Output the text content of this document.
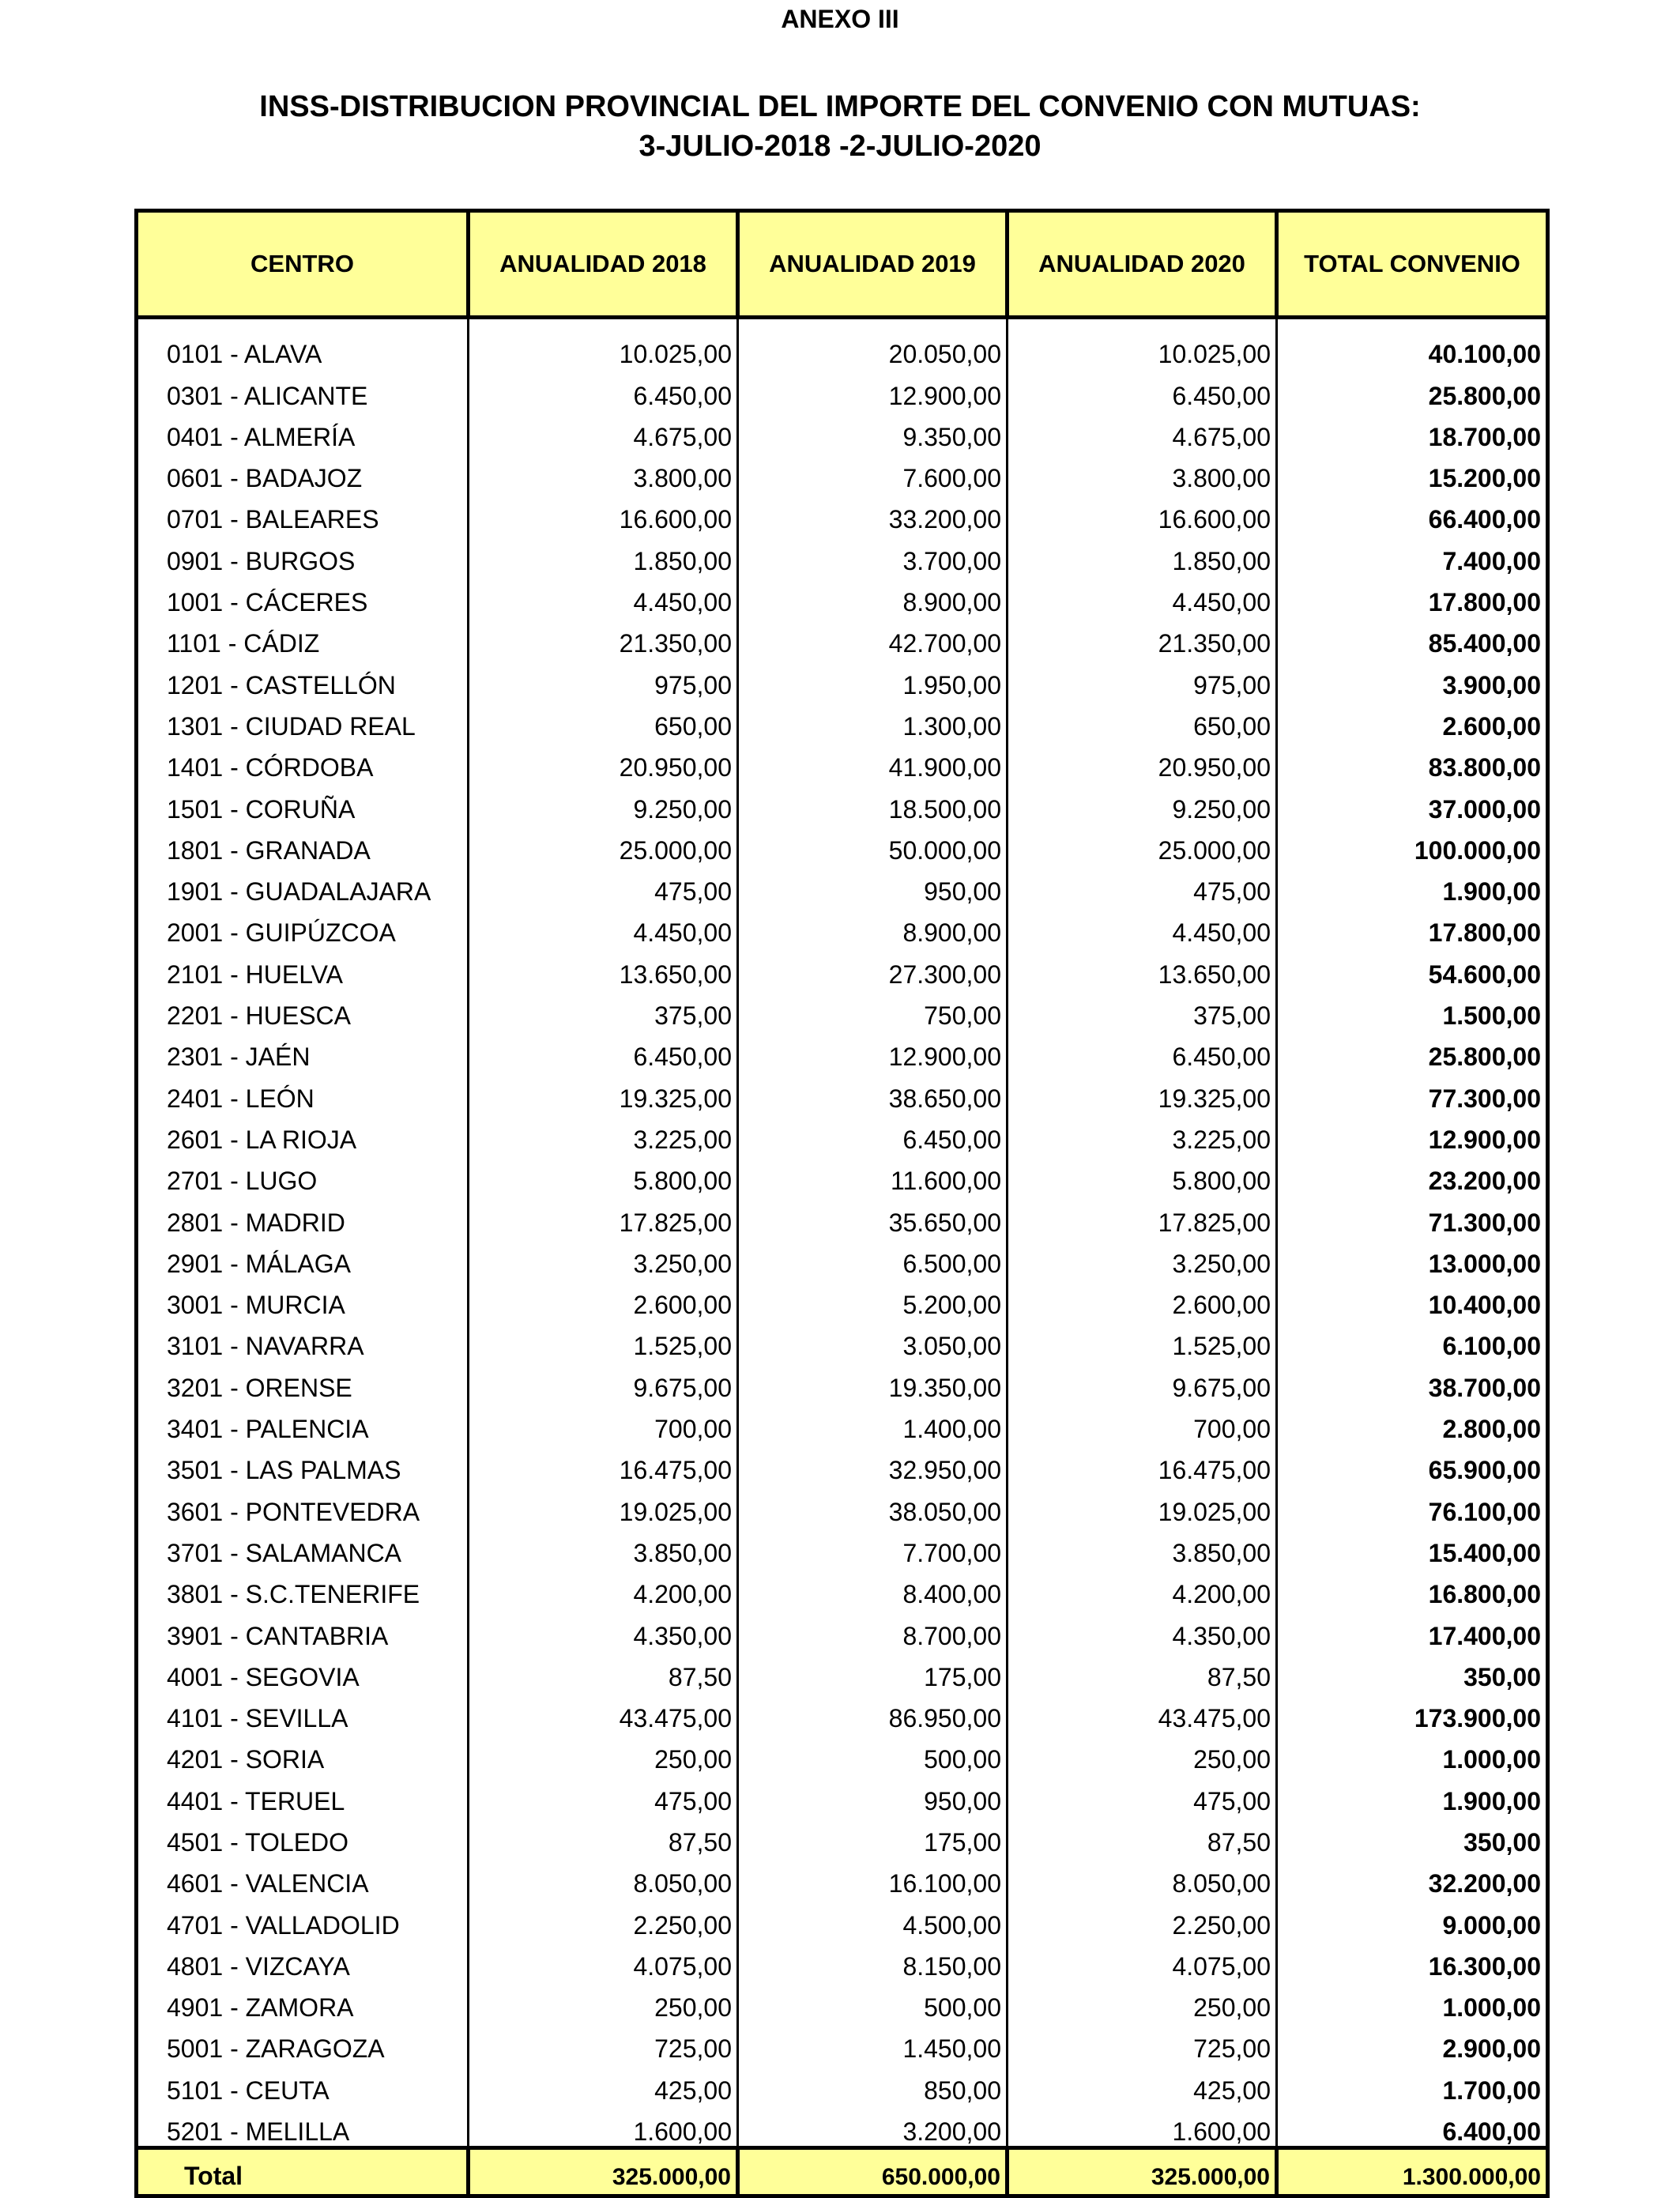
ANEXO III
INSS-DISTRIBUCION PROVINCIAL DEL IMPORTE DEL CONVENIO CON MUTUAS:
3-JULIO-2018 -2-JULIO-2020
CENTRO	ANUALIDAD 2018	ANUALIDAD 2019	ANUALIDAD 2020	TOTAL CONVENIO
0101 - ALAVA	10.025,00	20.050,00	10.025,00	40.100,00
0301 - ALICANTE	6.450,00	12.900,00	6.450,00	25.800,00
0401 - ALMERÍA	4.675,00	9.350,00	4.675,00	18.700,00
0601 - BADAJOZ	3.800,00	7.600,00	3.800,00	15.200,00
0701 - BALEARES	16.600,00	33.200,00	16.600,00	66.400,00
0901 - BURGOS	1.850,00	3.700,00	1.850,00	7.400,00
1001 - CÁCERES	4.450,00	8.900,00	4.450,00	17.800,00
1101 - CÁDIZ	21.350,00	42.700,00	21.350,00	85.400,00
1201 - CASTELLÓN	975,00	1.950,00	975,00	3.900,00
1301 - CIUDAD REAL	650,00	1.300,00	650,00	2.600,00
1401 - CÓRDOBA	20.950,00	41.900,00	20.950,00	83.800,00
1501 - CORUÑA	9.250,00	18.500,00	9.250,00	37.000,00
1801 - GRANADA	25.000,00	50.000,00	25.000,00	100.000,00
1901 - GUADALAJARA	475,00	950,00	475,00	1.900,00
2001 - GUIPÚZCOA	4.450,00	8.900,00	4.450,00	17.800,00
2101 - HUELVA	13.650,00	27.300,00	13.650,00	54.600,00
2201 - HUESCA	375,00	750,00	375,00	1.500,00
2301 - JAÉN	6.450,00	12.900,00	6.450,00	25.800,00
2401 - LEÓN	19.325,00	38.650,00	19.325,00	77.300,00
2601 - LA RIOJA	3.225,00	6.450,00	3.225,00	12.900,00
2701 - LUGO	5.800,00	11.600,00	5.800,00	23.200,00
2801 - MADRID	17.825,00	35.650,00	17.825,00	71.300,00
2901 - MÁLAGA	3.250,00	6.500,00	3.250,00	13.000,00
3001 - MURCIA	2.600,00	5.200,00	2.600,00	10.400,00
3101 - NAVARRA	1.525,00	3.050,00	1.525,00	6.100,00
3201 - ORENSE	9.675,00	19.350,00	9.675,00	38.700,00
3401 - PALENCIA	700,00	1.400,00	700,00	2.800,00
3501 - LAS PALMAS	16.475,00	32.950,00	16.475,00	65.900,00
3601 - PONTEVEDRA	19.025,00	38.050,00	19.025,00	76.100,00
3701 - SALAMANCA	3.850,00	7.700,00	3.850,00	15.400,00
3801 - S.C.TENERIFE	4.200,00	8.400,00	4.200,00	16.800,00
3901 - CANTABRIA	4.350,00	8.700,00	4.350,00	17.400,00
4001 - SEGOVIA	87,50	175,00	87,50	350,00
4101 - SEVILLA	43.475,00	86.950,00	43.475,00	173.900,00
4201 - SORIA	250,00	500,00	250,00	1.000,00
4401 - TERUEL	475,00	950,00	475,00	1.900,00
4501 - TOLEDO	87,50	175,00	87,50	350,00
4601 - VALENCIA	8.050,00	16.100,00	8.050,00	32.200,00
4701 - VALLADOLID	2.250,00	4.500,00	2.250,00	9.000,00
4801 - VIZCAYA	4.075,00	8.150,00	4.075,00	16.300,00
4901 - ZAMORA	250,00	500,00	250,00	1.000,00
5001 - ZARAGOZA	725,00	1.450,00	725,00	2.900,00
5101 - CEUTA	425,00	850,00	425,00	1.700,00
5201 - MELILLA	1.600,00	3.200,00	1.600,00	6.400,00
Total	325.000,00	650.000,00	325.000,00	1.300.000,00
